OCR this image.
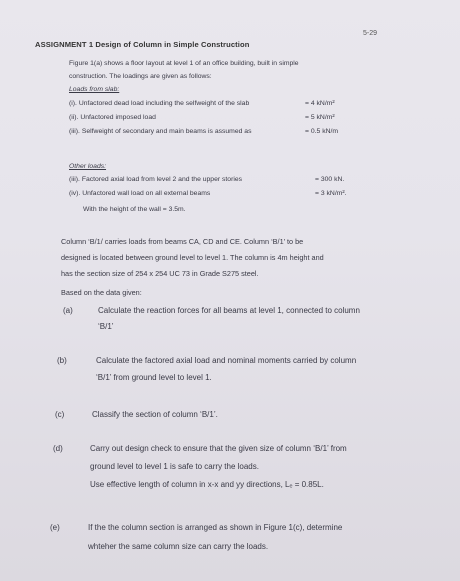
5-29
ASSIGNMENT 1 Design of Column in Simple Construction
Figure 1(a) shows a floor layout at level 1 of an office building, built in simple
construction. The loadings are given as follows:
Loads from slab:
(i). Unfactored dead load including the selfweight of the slab	= 4 kN/m²
(ii). Unfactored imposed load	= 5 kN/m²
(iii). Selfweight of secondary and main beams is assumed as	= 0.5 kN/m
Other loads:
(iii). Factored axial load from level 2 and the upper stories	= 300 kN.
(iv). Unfactored wall load on all external beams	= 3 kN/m².
With the height of the wall = 3.5m.
Column ‘B/1/ carries loads from beams CA, CD and CE. Column ‘B/1’ to be
designed is located between ground level to level 1. The column is 4m height and
has the section size of 254 x 254 UC 73 in Grade S275 steel.
Based on the data given:
(a)	Calculate the reaction forces for all beams at level 1, connected to column
‘B/1’
(b)	Calculate the factored axial load and nominal moments carried by column
‘B/1’ from ground level to level 1.
(c)	Classify the section of column ‘B/1’.
(d)	Carry out design check to ensure that the given size of column ‘B/1’ from
ground level to level 1 is safe to carry the loads.
Use effective length of column in x-x and yy directions, Lₑ = 0.85L.
(e)	If the the column section is arranged as shown in Figure 1(c), determine
whteher the same column size can carry the loads.
